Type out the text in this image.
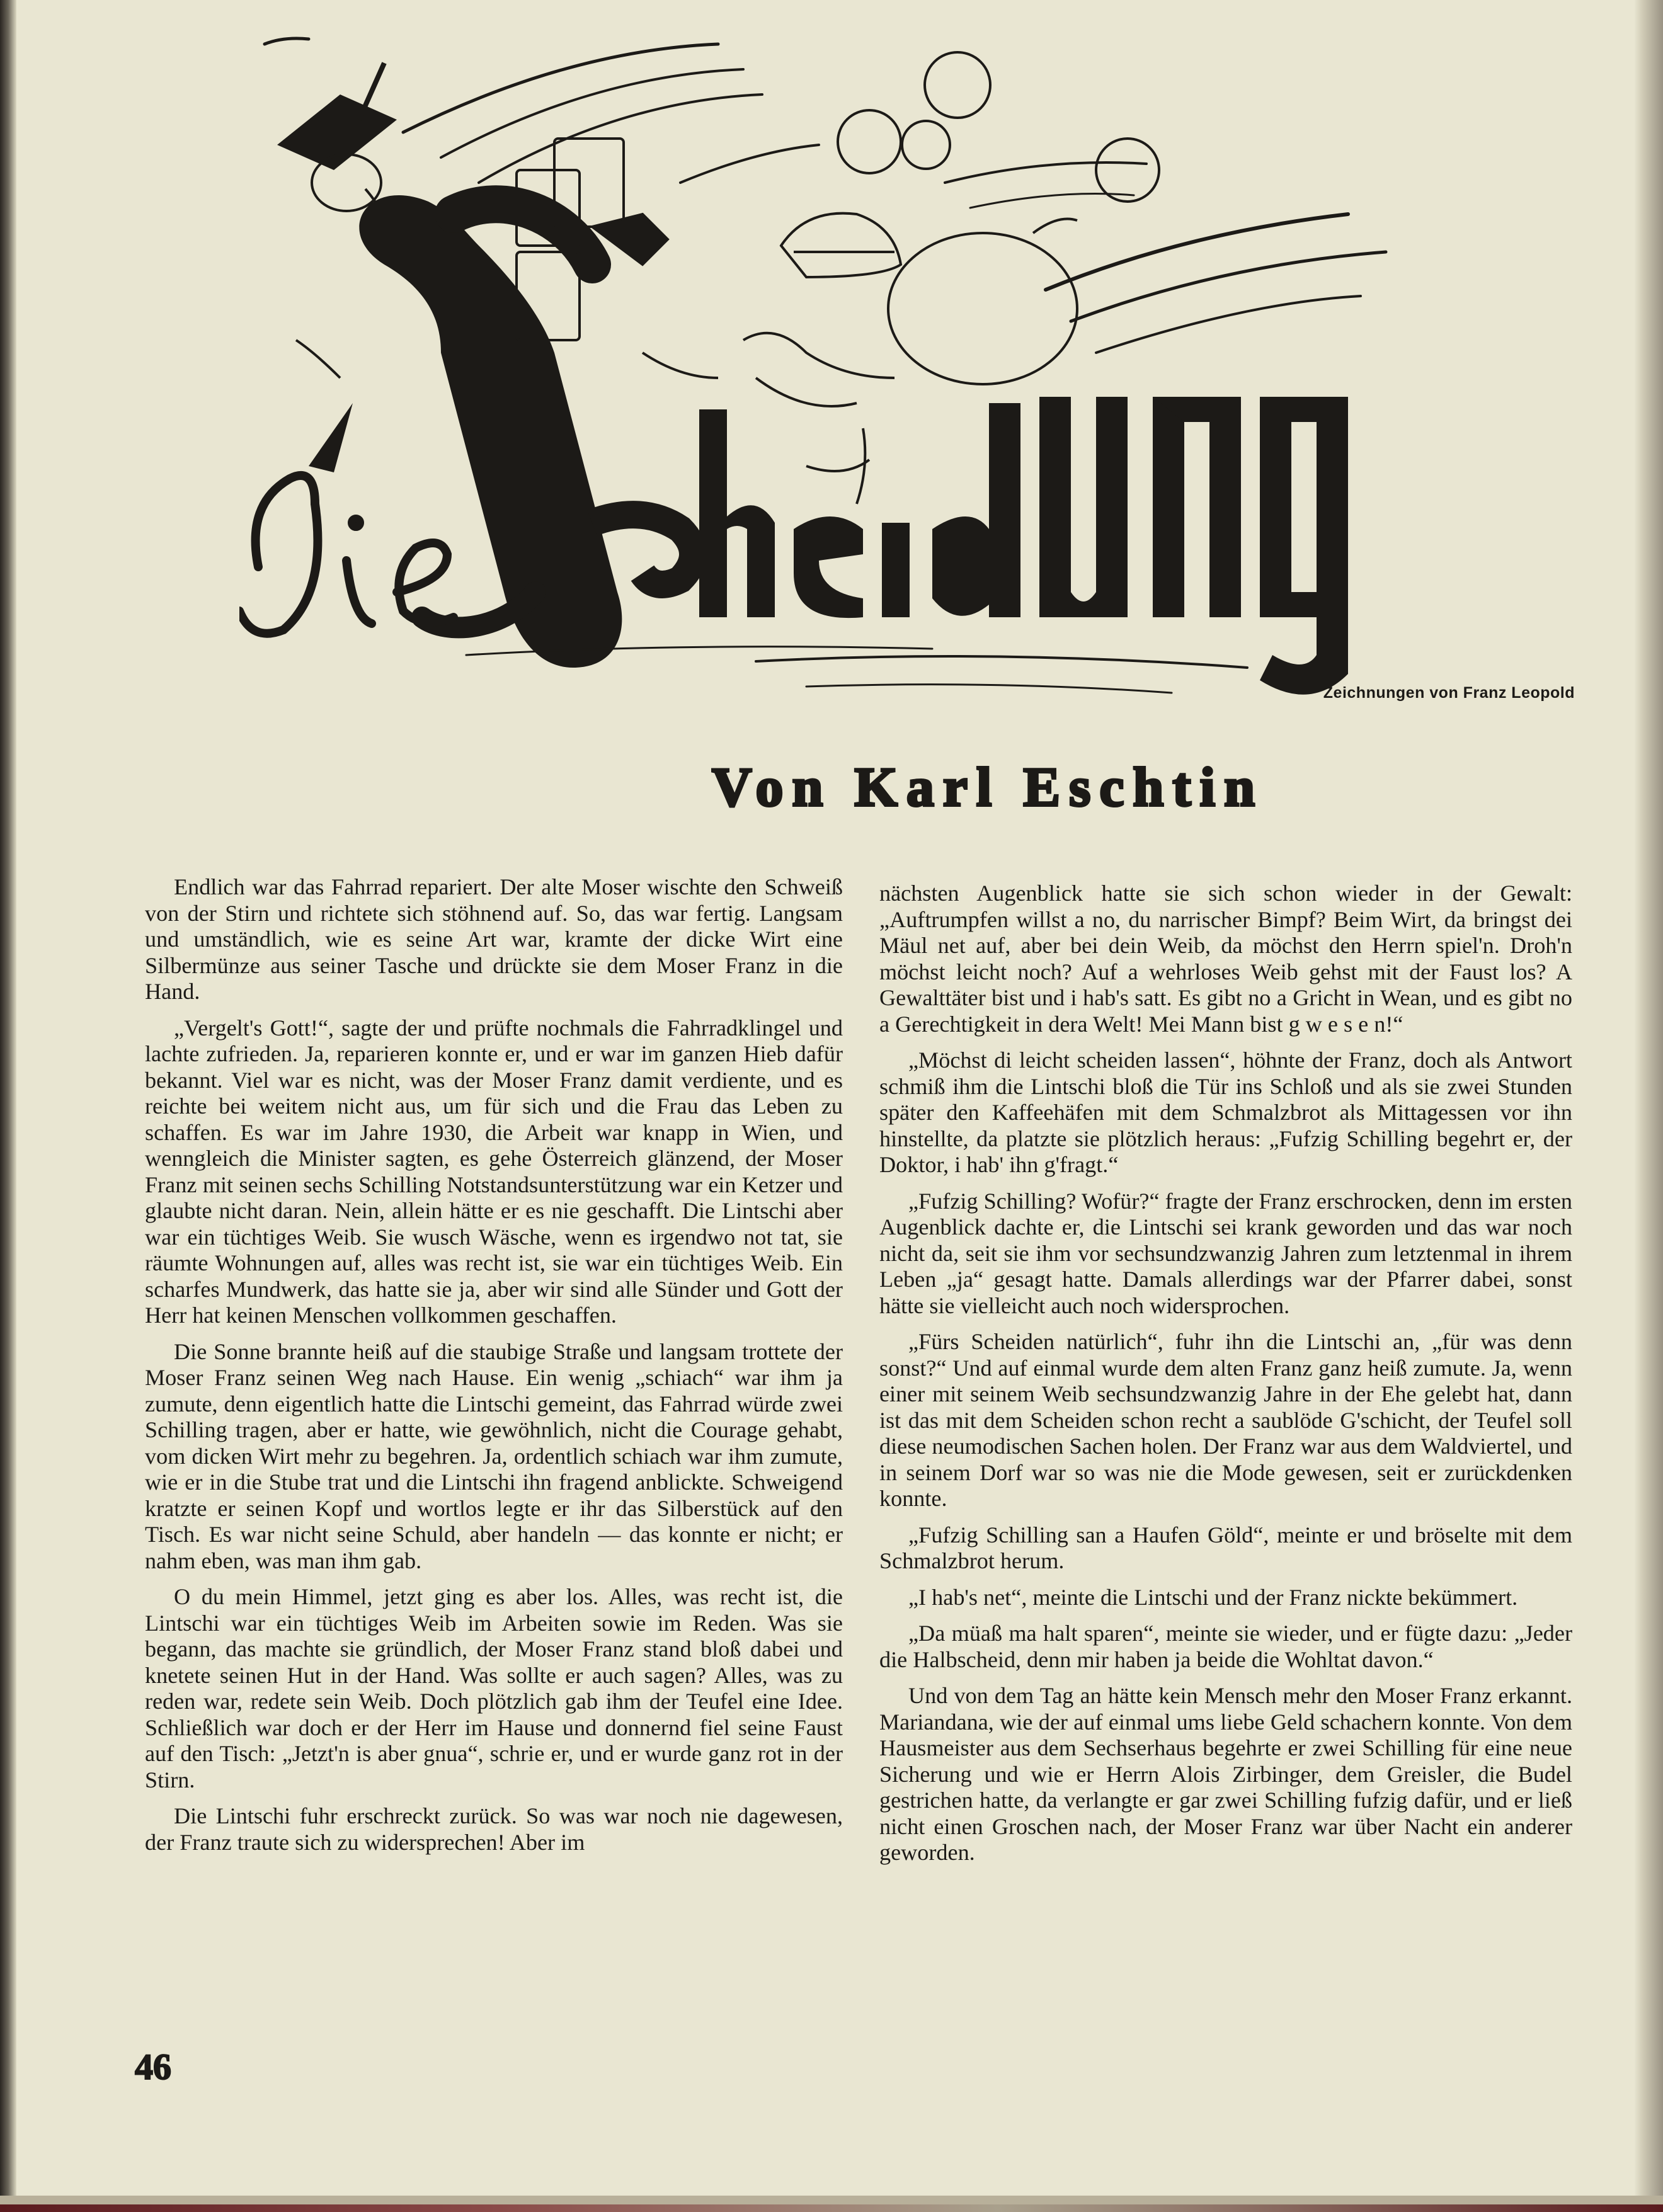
Die
Scheidung
Zeichnungen von Franz Leopold
Von Karl Eschtin

Endlich war das Fahrrad repariert. Der alte Moser wischte den Schweiß von der Stirn und richtete sich stöhnend auf. So, das war fertig. Langsam und umständlich, wie es seine Art war, kramte der dicke Wirt eine Silbermünze aus seiner Tasche und drückte sie dem Moser Franz in die Hand.

„Vergelt's Gott!“, sagte der und prüfte nochmals die Fahrradklingel und lachte zufrieden. Ja, reparieren konnte er, und er war im ganzen Hieb dafür bekannt. Viel war es nicht, was der Moser Franz damit verdiente, und es reichte bei weitem nicht aus, um für sich und die Frau das Leben zu schaffen. Es war im Jahre 1930, die Arbeit war knapp in Wien, und wenngleich die Minister sagten, es gehe Österreich glänzend, der Moser Franz mit seinen sechs Schilling Notstandsunterstützung war ein Ketzer und glaubte nicht daran. Nein, allein hätte er es nie geschafft. Die Lintschi aber war ein tüchtiges Weib. Sie wusch Wäsche, wenn es irgendwo not tat, sie räumte Wohnungen auf, alles was recht ist, sie war ein tüchtiges Weib. Ein scharfes Mundwerk, das hatte sie ja, aber wir sind alle Sünder und Gott der Herr hat keinen Menschen vollkommen geschaffen.

Die Sonne brannte heiß auf die staubige Straße und langsam trottete der Moser Franz seinen Weg nach Hause. Ein wenig „schiach“ war ihm ja zumute, denn eigentlich hatte die Lintschi gemeint, das Fahrrad würde zwei Schilling tragen, aber er hatte, wie gewöhnlich, nicht die Courage gehabt, vom dicken Wirt mehr zu begehren. Ja, ordentlich schiach war ihm zumute, wie er in die Stube trat und die Lintschi ihn fragend anblickte. Schweigend kratzte er seinen Kopf und wortlos legte er ihr das Silberstück auf den Tisch. Es war nicht seine Schuld, aber handeln — das konnte er nicht; er nahm eben, was man ihm gab.

O du mein Himmel, jetzt ging es aber los. Alles, was recht ist, die Lintschi war ein tüchtiges Weib im Arbeiten sowie im Reden. Was sie begann, das machte sie gründlich, der Moser Franz stand bloß dabei und knetete seinen Hut in der Hand. Was sollte er auch sagen? Alles, was zu reden war, redete sein Weib. Doch plötzlich gab ihm der Teufel eine Idee. Schließlich war doch er der Herr im Hause und donnernd fiel seine Faust auf den Tisch: „Jetzt'n is aber gnua“, schrie er, und er wurde ganz rot in der Stirn.

Die Lintschi fuhr erschreckt zurück. So was war noch nie dagewesen, der Franz traute sich zu widersprechen! Aber im

nächsten Augenblick hatte sie sich schon wieder in der Gewalt: „Auftrumpfen willst a no, du narrischer Bimpf? Beim Wirt, da bringst dei Mäul net auf, aber bei dein Weib, da möchst den Herrn spiel'n. Droh'n möchst leicht noch? Auf a wehrloses Weib gehst mit der Faust los? A Gewalttäter bist und i hab's satt. Es gibt no a Gricht in Wean, und es gibt no a Gerechtigkeit in dera Welt! Mei Mann bist g w e s e n!“

„Möchst di leicht scheiden lassen“, höhnte der Franz, doch als Antwort schmiß ihm die Lintschi bloß die Tür ins Schloß und als sie zwei Stunden später den Kaffeehäfen mit dem Schmalzbrot als Mittagessen vor ihn hinstellte, da platzte sie plötzlich heraus: „Fufzig Schilling begehrt er, der Doktor, i hab' ihn g'fragt.“

„Fufzig Schilling? Wofür?“ fragte der Franz erschrocken, denn im ersten Augenblick dachte er, die Lintschi sei krank geworden und das war noch nicht da, seit sie ihm vor sechsundzwanzig Jahren zum letztenmal in ihrem Leben „ja“ gesagt hatte. Damals allerdings war der Pfarrer dabei, sonst hätte sie vielleicht auch noch widersprochen.

„Fürs Scheiden natürlich“, fuhr ihn die Lintschi an, „für was denn sonst?“ Und auf einmal wurde dem alten Franz ganz heiß zumute. Ja, wenn einer mit seinem Weib sechsundzwanzig Jahre in der Ehe gelebt hat, dann ist das mit dem Scheiden schon recht a saublöde G'schicht, der Teufel soll diese neumodischen Sachen holen. Der Franz war aus dem Waldviertel, und in seinem Dorf war so was nie die Mode gewesen, seit er zurückdenken konnte.

„Fufzig Schilling san a Haufen Göld“, meinte er und bröselte mit dem Schmalzbrot herum.

„I hab's net“, meinte die Lintschi und der Franz nickte bekümmert.

„Da müaß ma halt sparen“, meinte sie wieder, und er fügte dazu: „Jeder die Halbscheid, denn mir haben ja beide die Wohltat davon.“

Und von dem Tag an hätte kein Mensch mehr den Moser Franz erkannt. Mariandana, wie der auf einmal ums liebe Geld schachern konnte. Von dem Hausmeister aus dem Sechserhaus begehrte er zwei Schilling für eine neue Sicherung und wie er Herrn Alois Zirbinger, dem Greisler, die Budel gestrichen hatte, da verlangte er gar zwei Schilling fufzig dafür, und er ließ nicht einen Groschen nach, der Moser Franz war über Nacht ein anderer geworden.

46
